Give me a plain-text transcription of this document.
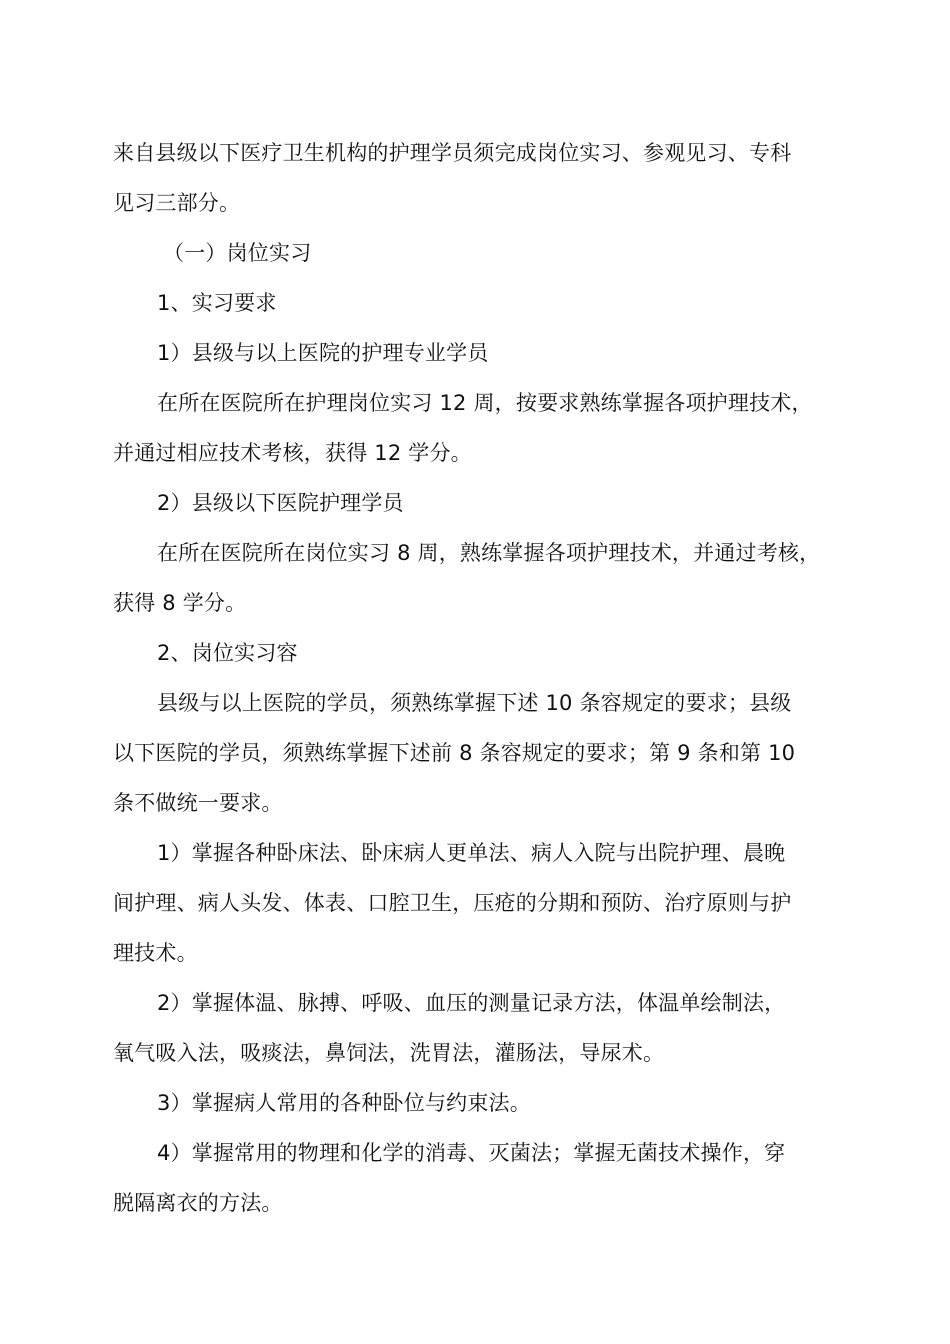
来自县级以下医疗卫生机构的护理学员须完成岗位实习、参观见习、专科
见习三部分。

（一）岗位实习

1、实习要求

1）县级与以上医院的护理专业学员

在所在医院所在护理岗位实习 12 周，按要求熟练掌握各项护理技术，
并通过相应技术考核，获得 12 学分。

2）县级以下医院护理学员

在所在医院所在岗位实习 8 周，熟练掌握各项护理技术，并通过考核，
获得 8 学分。

2、岗位实习容

县级与以上医院的学员，须熟练掌握下述 10 条容规定的要求；县级
以下医院的学员，须熟练掌握下述前 8 条容规定的要求；第 9 条和第 10
条不做统一要求。

1）掌握各种卧床法、卧床病人更单法、病人入院与出院护理、晨晚
间护理、病人头发、体表、口腔卫生，压疮的分期和预防、治疗原则与护
理技术。

2）掌握体温、脉搏、呼吸、血压的测量记录方法，体温单绘制法，
氧气吸入法，吸痰法，鼻饲法，洗胃法，灌肠法，导尿术。

3）掌握病人常用的各种卧位与约束法。

4）掌握常用的物理和化学的消毒、灭菌法；掌握无菌技术操作，穿
脱隔离衣的方法。
